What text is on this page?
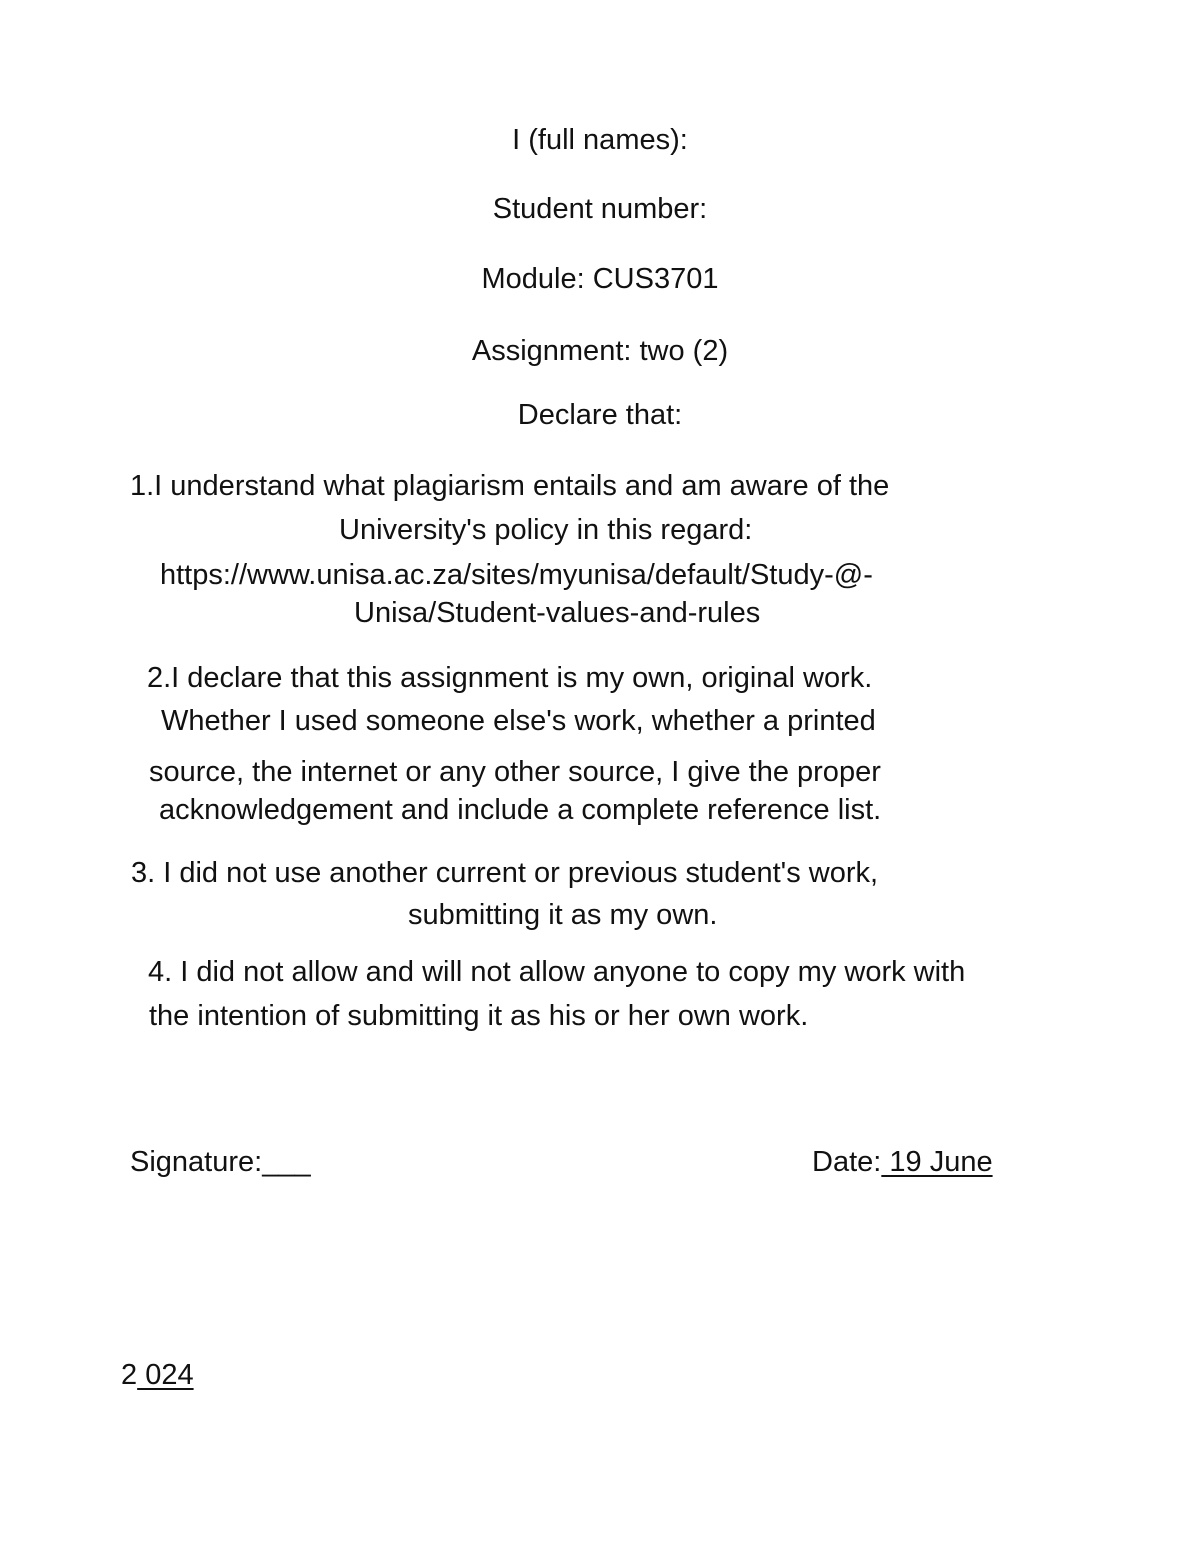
I (full names):
Student number:
Module: CUS3701
Assignment: two (2)
Declare that:
1.I understand what plagiarism entails and am aware of the
University's policy in this regard:
https://www.unisa.ac.za/sites/myunisa/default/Study-@-
Unisa/Student-values-and-rules
2.I declare that this assignment is my own, original work.
Whether I used someone else's work, whether a printed
source, the internet or any other source, I give the proper
acknowledgement and include a complete reference list.
3. I did not use another current or previous student's work,
submitting it as my own.
4. I did not allow and will not allow anyone to copy my work with
the intention of submitting it as his or her own work.
Signature:___	Date: 19 June
2 024
